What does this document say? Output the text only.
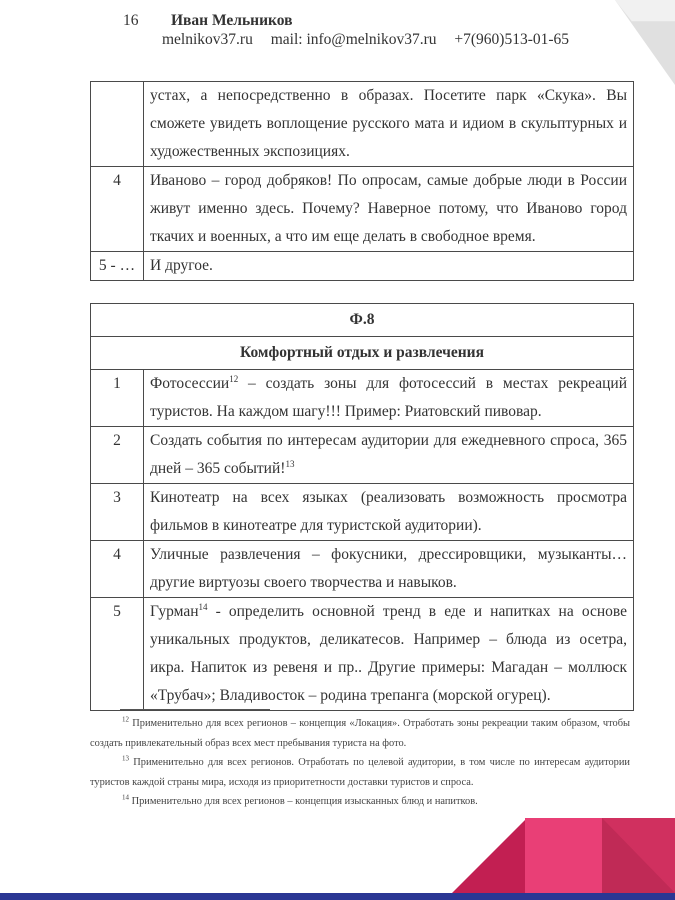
16 Иван Мельников
melnikov37.ru mail: info@melnikov37.ru +7(960)513-01-65
	устах, а непосредственно в образах. Посетите парк «Скука». Вы сможете увидеть воплощение русского мата и идиом в скульптурных и художественных экспозициях.
4	Иваново – город добряков! По опросам, самые добрые люди в России живут именно здесь. Почему? Наверное потому, что Иваново город ткачих и военных, а что им еще делать в свободное время.
5 - …	И другое.
Ф.8	
Комфортный отдых и развлечения	
1	Фотосессии$^{12}$ – создать зоны для фотосессий в местах рекреаций туристов. На каждом шагу!!! Пример: Риатовский пивовар.
2	Создать события по интересам аудитории для ежедневного спроса, 365 дней – 365 событий!$^{13}$
3	Кинотеатр на всех языках (реализовать возможность просмотра фильмов в кинотеатре для туристской аудитории).
4	Уличные развлечения – фокусники, дрессировщики, музыканты…другие виртуозы своего творчества и навыков.
5	Гурман$^{14}$ - определить основной тренд в еде и напитках на основе уникальных продуктов, деликатесов. Например – блюда из осетра, икра. Напиток из ревеня и пр.. Другие примеры: Магадан – моллюск «Трубач»; Владивосток – родина трепанга (морской огурец).

$^{12}$ Применительно для всех регионов – концепция «Локация». Отработать зоны рекреации таким образом, чтобы создать привлекательный образ всех мест пребывания туриста на фото.

$^{13}$ Применительно для всех регионов. Отработать по целевой аудитории, в том числе по интересам аудитории туристов каждой страны мира, исходя из приоритетности доставки туристов и спроса.

$^{14}$ Применительно для всех регионов – концепция изысканных блюд и напитков.
